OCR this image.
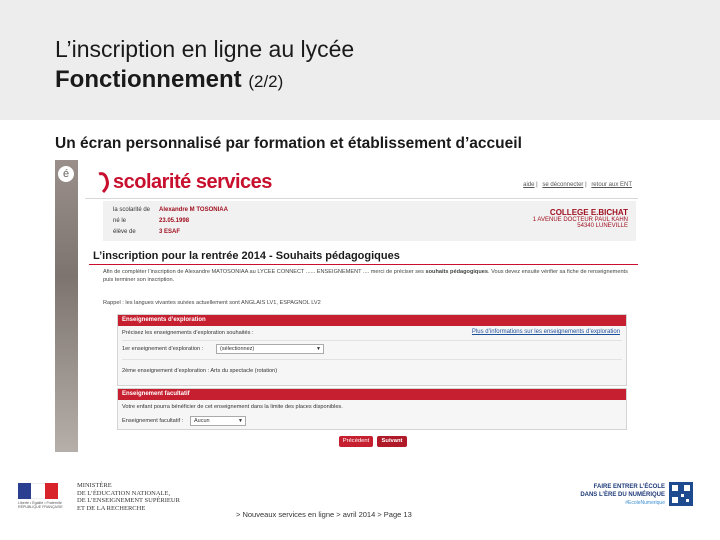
L’inscription en ligne au lycée
Fonctionnement (2/2)
Un écran personnalisé par formation et établissement d’accueil
é scolarité services	aide | se déconnecter | retour aux ENT
la scolarité de Alexandre M TOSONIAA
né le	23.05.1998
élève de	3 ESAF
COLLEGE E.BICHAT
1 AVENUE DOCTEUR PAUL KAHN
54340 LUNEVILLE
L’inscription pour la rentrée 2014 - Souhaits pédagogiques
Afin de compléter l’inscription de Alexandre MATOSONIAA au LYCEE CONNECT ...... ENSEIGNEMENT .... merci de préciser ses souhaits pédagogiques. Vous devez ensuite vérifier sa fiche de renseignements puis terminer son inscription.
Rappel : les langues vivantes suivies actuellement sont ANGLAIS LV1, ESPAGNOL LV2
Enseignements d’exploration
Précisez les enseignements d’exploration souhaités :	Plus d’informations sur les enseignements d’exploration
1er enseignement d’exploration :	(sélectionnez)	▼
2ème enseignement d’exploration : Arts du spectacle (rotation)
Enseignement facultatif
Votre enfant pourra bénéficier de cet enseignement dans la limite des places disponibles.
Enseignement facultatif :	Aucun	▼
Précédent	Suivant
Liberté • Égalité • Fraternité
RÉPUBLIQUE FRANÇAISE
MINISTÈRE
DE L’ÉDUCATION NATIONALE,
DE L’ENSEIGNEMENT SUPÉRIEUR
ET DE LA RECHERCHE
> Nouveaux services en ligne > avril 2014 > Page 13
FAIRE ENTRER L’ÉCOLE
DANS L’ÈRE DU NUMÉRIQUE
#EcoleNumerique
